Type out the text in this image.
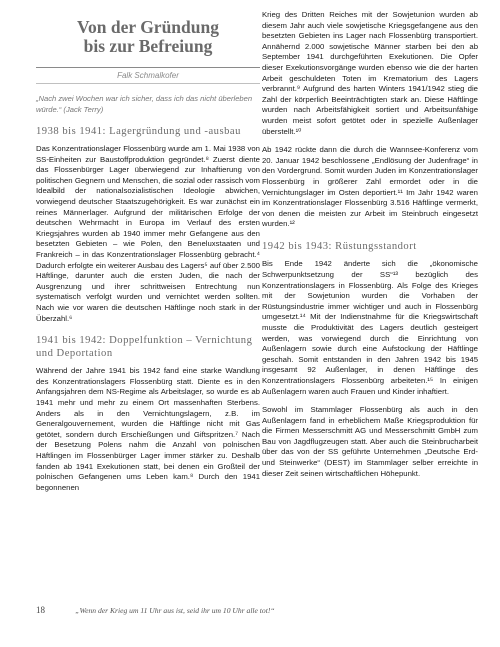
Von der Gründung
bis zur Befreiung
Falk Schmalkofer
„Nach zwei Wochen war ich sicher, dass ich das nicht überleben würde.“ (Jack Terry)
1938 bis 1941: Lagergründung und -ausbau

Das Konzentrationslager Flossenbürg wurde am 1. Mai 1938 von SS-Einheiten zur Baustoffproduktion gegründet.⁸ Zuerst diente das Flossenbürger Lager überwiegend zur Inhaftierung von politischen Gegnern und Menschen, die sozial oder rassisch vom Idealbild der nationalsozialistischen Ideologie abwichen, vorwiegend deutscher Staatszugehörigkeit. Es war zunächst ein reines Männerlager. Aufgrund der militärischen Erfolge der deutschen Wehrmacht in Europa im Verlauf des ersten Kriegsjahres wurden ab 1940 immer mehr Gefangene aus den besetzten Gebieten – wie Polen, den Beneluxstaaten und Frankreich – in das Konzentrationslager Flossenbürg gebracht.⁴ Dadurch erfolgte ein weiterer Ausbau des Lagers⁵ auf über 2.500 Häftlinge, darunter auch die ersten Juden, die nach der Ausgrenzung und ihrer schrittweisen Entrechtung nun systematisch verfolgt wurden und vernichtet werden sollten. Nach wie vor waren die deutschen Häftlinge noch stark in der Überzahl.⁶

1941 bis 1942: Doppelfunktion – Vernichtung und Deportation

Während der Jahre 1941 bis 1942 fand eine starke Wandlung des Konzentrationslagers Flossenbürg statt. Diente es in den Anfangsjahren dem NS-Regime als Arbeitslager, so wurde es ab 1941 mehr und mehr zu einem Ort massenhaften Sterbens. Anders als in den Vernichtungslagern, z.B. im Generalgouvernement, wurden die Häftlinge nicht mit Gas getötet, sondern durch Erschießungen und Giftspritzen.⁷ Nach der Besetzung Polens nahm die Anzahl von polnischen Häftlingen im Flossenbürger Lager immer stärker zu. Deshalb fanden ab 1941 Exekutionen statt, bei denen ein Großteil der polnischen Gefangenen ums Leben kam.⁸ Durch den 1941 begonnenen

Krieg des Dritten Reiches mit der Sowjetunion wurden ab diesem Jahr auch viele sowjetische Kriegsgefangene aus den besetzten Gebieten ins Lager nach Flossenbürg transportiert. Annähernd 2.000 sowjetische Männer starben bei den ab September 1941 durchgeführten Exekutionen. Die Opfer dieser Exekutionsvorgänge wurden ebenso wie die der harten Arbeit geschuldeten Toten im Krematorium des Lagers verbrannt.⁹ Aufgrund des harten Winters 1941/1942 stieg die Zahl der körperlich Beeinträchtigten stark an. Diese Häftlinge wurden nach Arbeitsfähigkeit sortiert und Arbeitsunfähige wurden meist sofort getötet oder in spezielle Außenlager überstellt.¹⁰

Ab 1942 rückte dann die durch die Wannsee-Konferenz vom 20. Januar 1942 beschlossene „Endlösung der Judenfrage“ in den Vordergrund. Somit wurden Juden im Konzentrationslager Flossenbürg in größerer Zahl ermordet oder in die Vernichtungslager im Osten deportiert.¹¹ Im Jahr 1942 waren im Konzentrationslager Flossenbürg 3.516 Häftlinge vermerkt, von denen die meisten zur Arbeit im Steinbruch eingesetzt wurden.¹²

1942 bis 1943: Rüstungsstandort

Bis Ende 1942 änderte sich die „ökonomische Schwerpunktsetzung der SS“¹³ bezüglich des Konzentrationslagers in Flossenbürg. Als Folge des Krieges mit der Sowjetunion wurden die Vorhaben der Rüstungsindustrie immer wichtiger und auch in Flossenbürg umgesetzt.¹⁴ Mit der Indienstnahme für die Kriegswirtschaft musste die Produktivität des Lagers deutlich gesteigert werden, was vorwiegend durch die Einrichtung von Außenlagern sowie durch eine Aufstockung der Häftlinge geschah. Somit entstanden in den Jahren 1942 bis 1945 insgesamt 92 Außenlager, in denen Häftlinge des Konzentrationslagers Flossenbürg arbeiteten.¹⁵ In einigen Außenlagern waren auch Frauen und Kinder inhaftiert.

Sowohl im Stammlager Flossenbürg als auch in den Außenlagern fand in erheblichem Maße Kriegsproduktion für die Firmen Messerschmitt AG und Messerschmitt GmbH zum Bau von Jagdflugzeugen statt. Aber auch die Steinbrucharbeit über das von der SS geführte Unternehmen „Deutsche Erd- und Steinwerke“ (DEST) im Stammlager selber erreichte in dieser Zeit seinen wirtschaftlichen Höhepunkt.

18	„Wenn der Krieg um 11 Uhr aus ist, seid ihr um 10 Uhr alle tot!“
